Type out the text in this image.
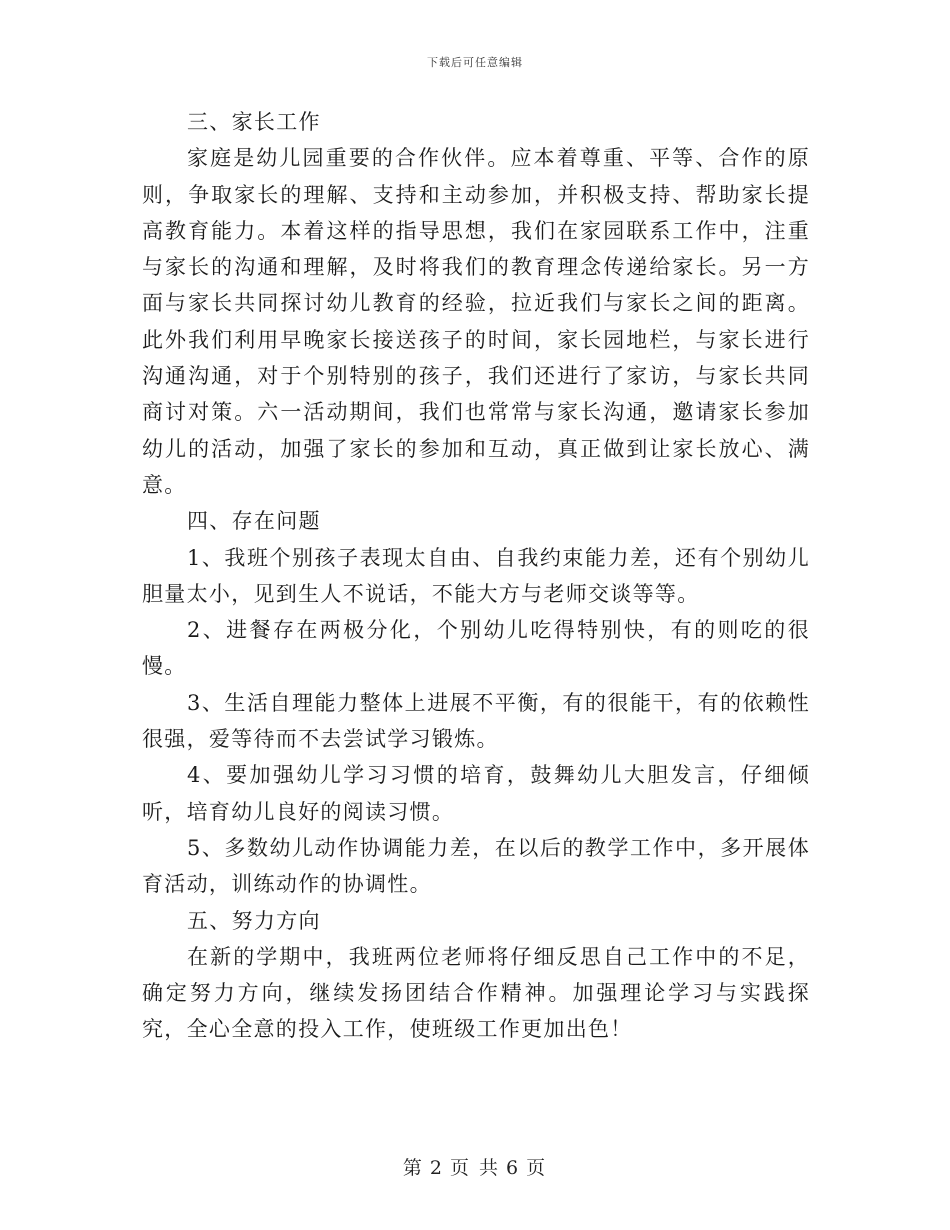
下载后可任意编辑

三、家长工作

家庭是幼儿园重要的合作伙伴。应本着尊重、平等、合作的原则，争取家长的理解、支持和主动参加，并积极支持、帮助家长提高教育能力。本着这样的指导思想，我们在家园联系工作中，注重与家长的沟通和理解，及时将我们的教育理念传递给家长。另一方面与家长共同探讨幼儿教育的经验，拉近我们与家长之间的距离。此外我们利用早晚家长接送孩子的时间，家长园地栏，与家长进行沟通沟通，对于个别特别的孩子，我们还进行了家访，与家长共同商讨对策。六一活动期间，我们也常常与家长沟通，邀请家长参加幼儿的活动，加强了家长的参加和互动，真正做到让家长放心、满意。

四、存在问题

1、我班个别孩子表现太自由、自我约束能力差，还有个别幼儿胆量太小，见到生人不说话，不能大方与老师交谈等等。

2、进餐存在两极分化，个别幼儿吃得特别快，有的则吃的很慢。

3、生活自理能力整体上进展不平衡，有的很能干，有的依赖性很强，爱等待而不去尝试学习锻炼。

4、要加强幼儿学习习惯的培育，鼓舞幼儿大胆发言，仔细倾听，培育幼儿良好的阅读习惯。

5、多数幼儿动作协调能力差，在以后的教学工作中，多开展体育活动，训练动作的协调性。

五、努力方向

在新的学期中，我班两位老师将仔细反思自己工作中的不足，确定努力方向，继续发扬团结合作精神。加强理论学习与实践探究，全心全意的投入工作，使班级工作更加出色！

第 2 页 共 6 页
